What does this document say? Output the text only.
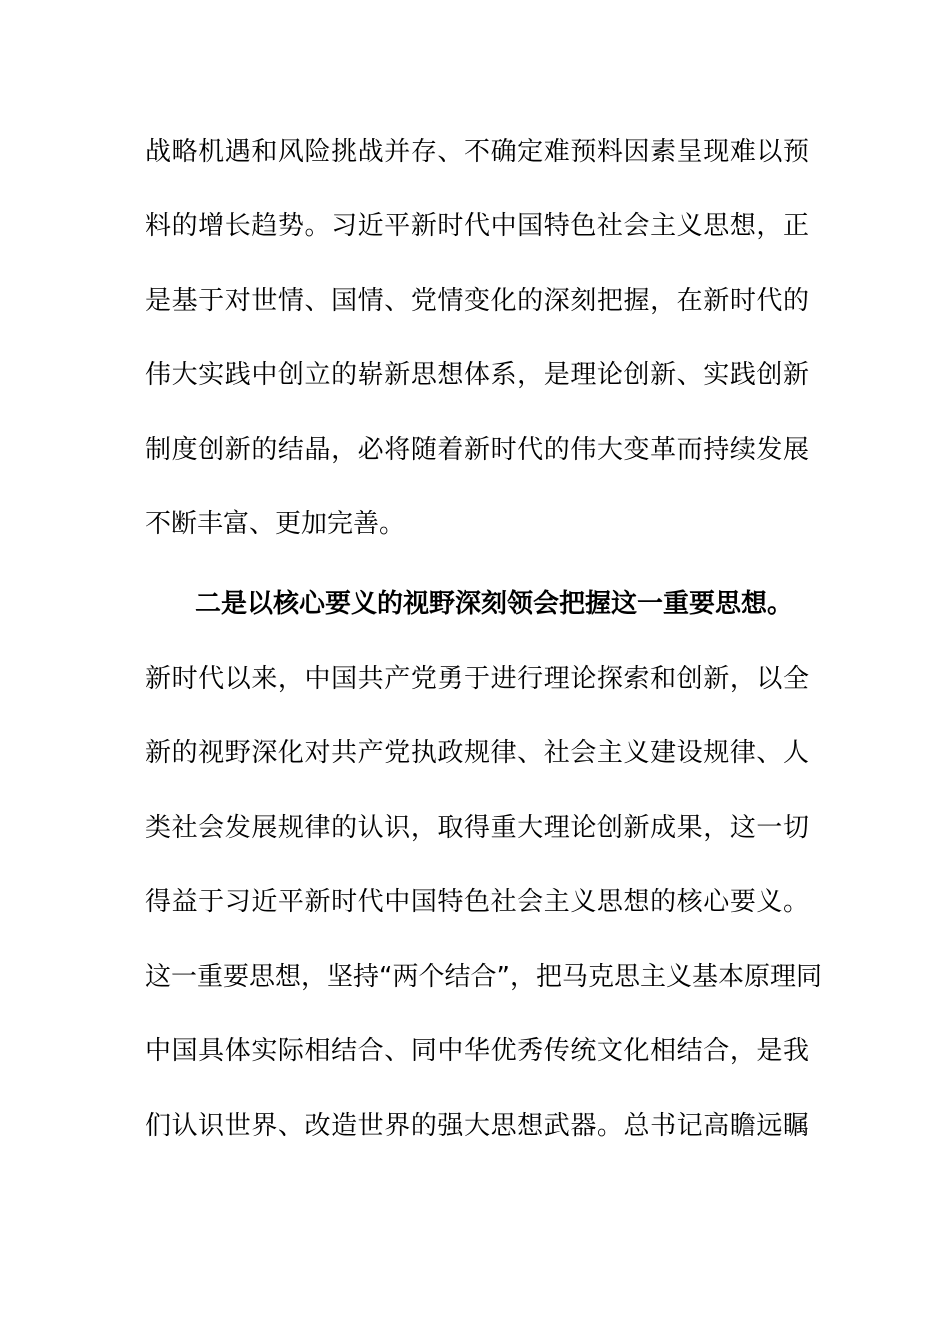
战略机遇和风险挑战并存、不确定难预料因素呈现难以预
料的增长趋势。习近平新时代中国特色社会主义思想，正
是基于对世情、国情、党情变化的深刻把握，在新时代的
伟大实践中创立的崭新思想体系，是理论创新、实践创新
制度创新的结晶，必将随着新时代的伟大变革而持续发展
不断丰富、更加完善。
二是以核心要义的视野深刻领会把握这一重要思想。
新时代以来，中国共产党勇于进行理论探索和创新，以全
新的视野深化对共产党执政规律、社会主义建设规律、人
类社会发展规律的认识，取得重大理论创新成果，这一切
得益于习近平新时代中国特色社会主义思想的核心要义。
这一重要思想，坚持“两个结合”，把马克思主义基本原理同
中国具体实际相结合、同中华优秀传统文化相结合，是我
们认识世界、改造世界的强大思想武器。总书记高瞻远瞩
